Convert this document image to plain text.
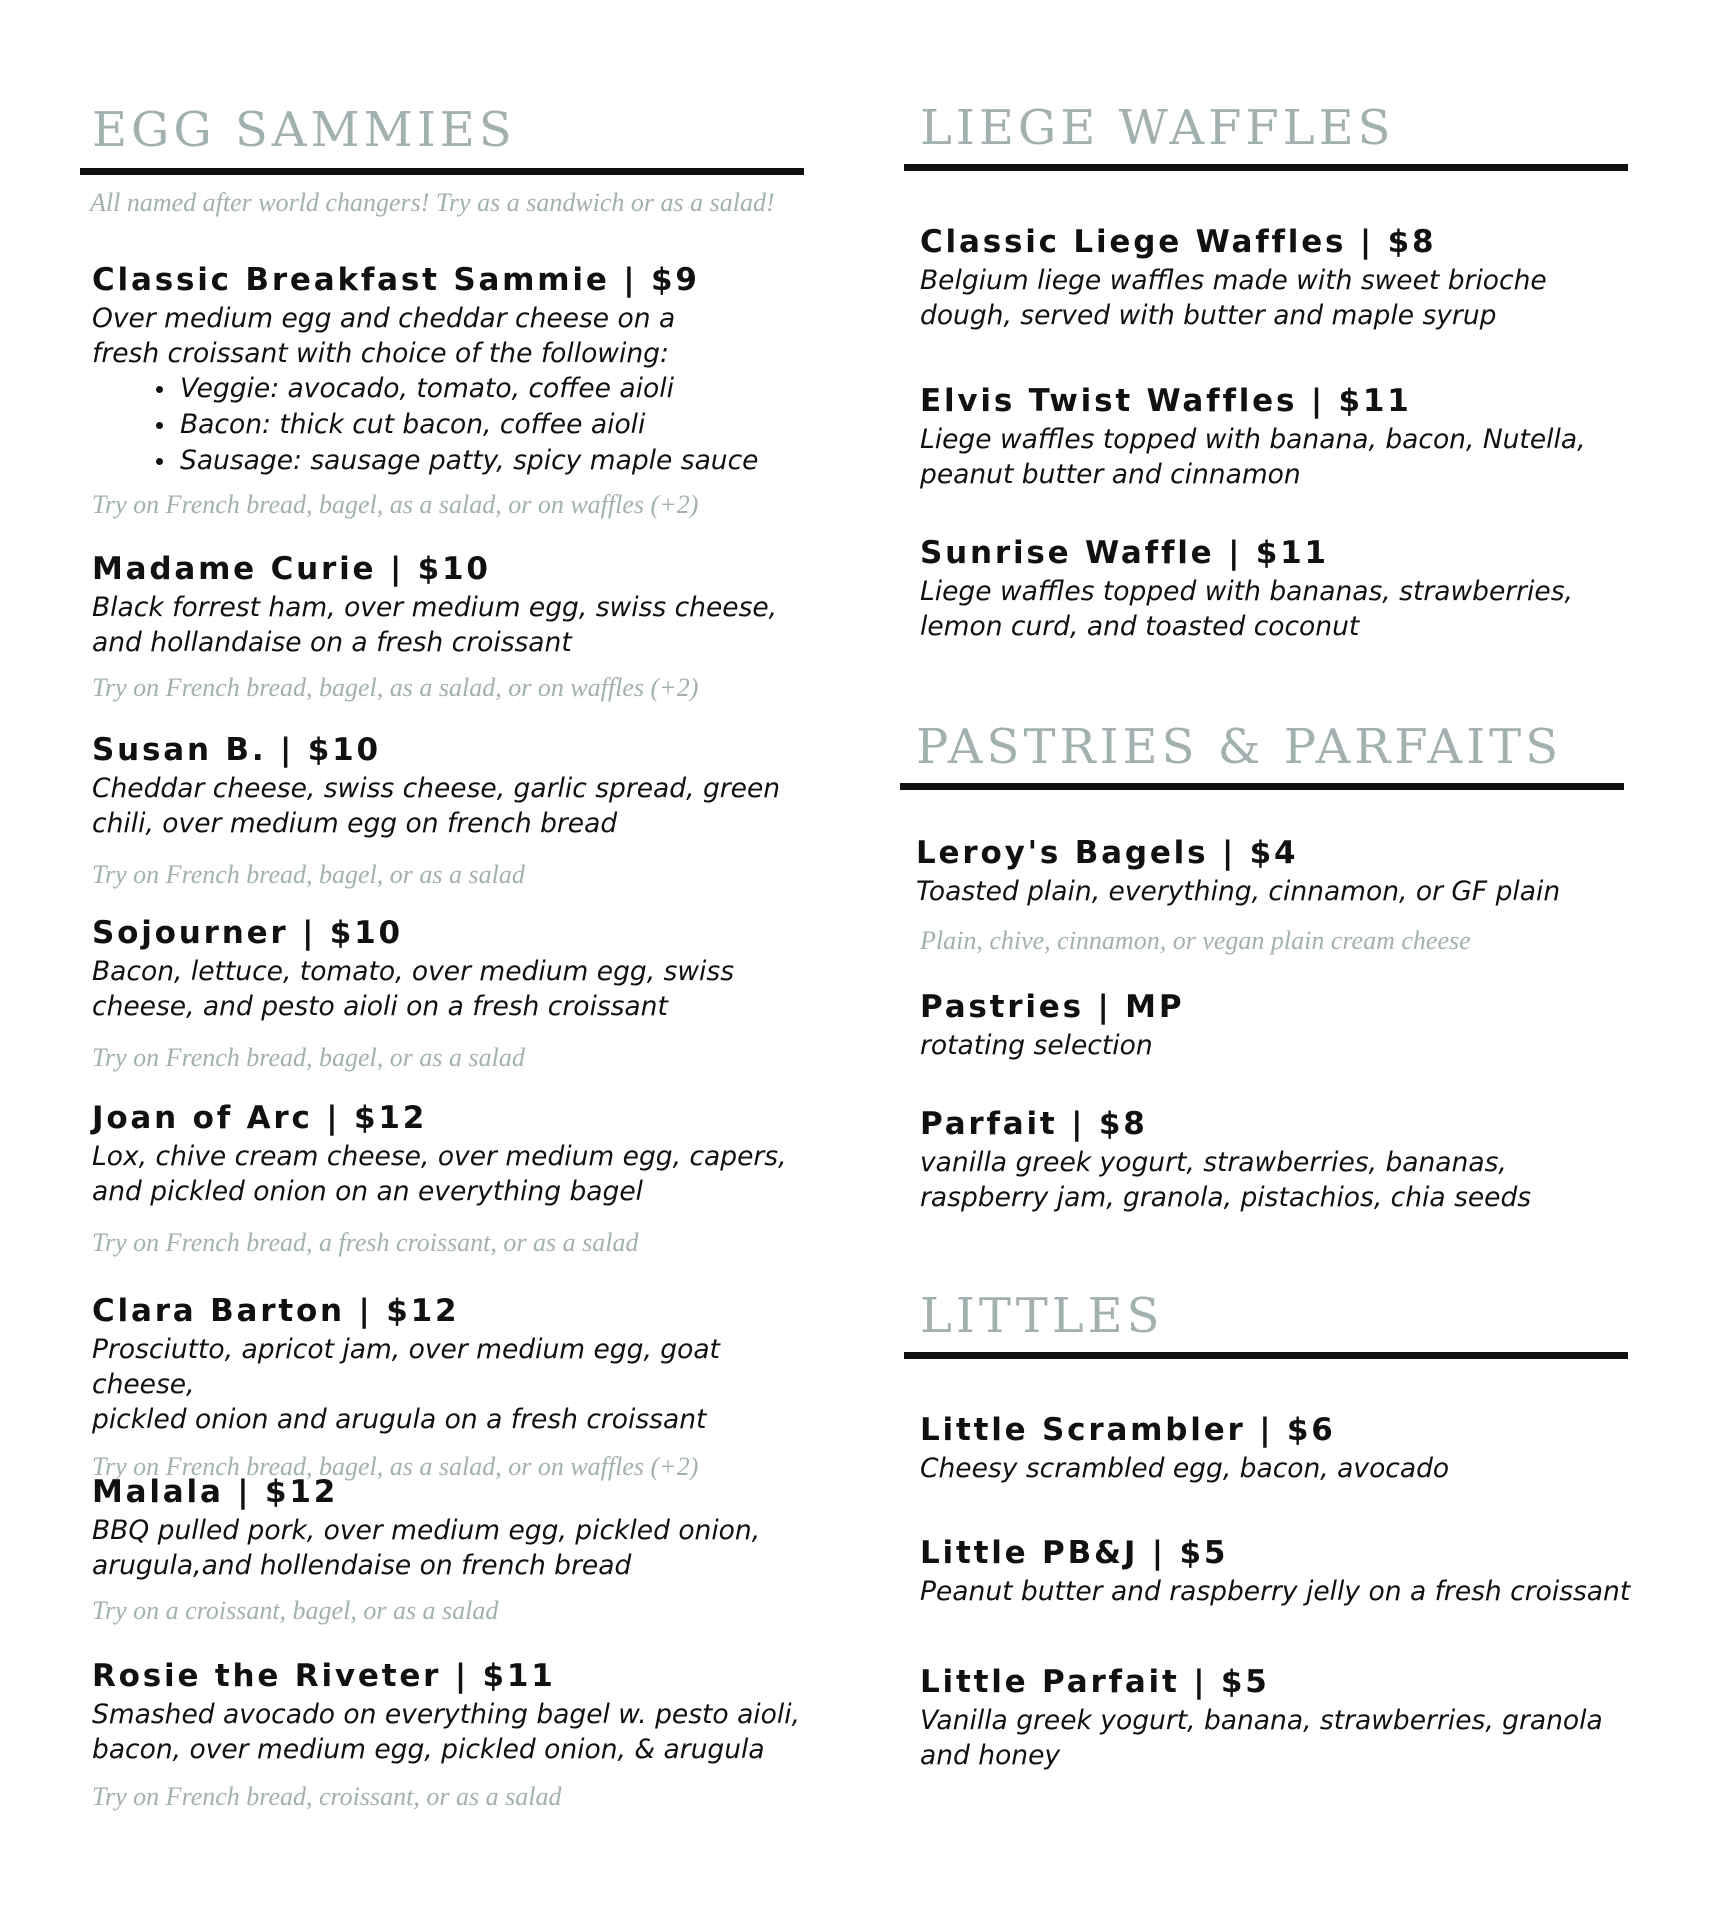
EGG SAMMIES

All named after world changers! Try as a sandwich or as a salad!

Classic Breakfast Sammie | $9

Over medium egg and cheddar cheese on a
fresh croissant with choice of the following:

Veggie: avocado, tomato, coffee aioli
Bacon: thick cut bacon, coffee aioli
Sausage: sausage patty, spicy maple sauce

Try on French bread, bagel, as a salad, or on waffles (+2)

Madame Curie | $10

Black forrest ham, over medium egg, swiss cheese,
and hollandaise on a fresh croissant

Try on French bread, bagel, as a salad, or on waffles (+2)

Susan B. | $10

Cheddar cheese, swiss cheese, garlic spread, green
chili, over medium egg on french bread

Try on French bread, bagel, or as a salad

Sojourner | $10

Bacon, lettuce, tomato, over medium egg, swiss
cheese, and pesto aioli on a fresh croissant

Try on French bread, bagel, or as a salad

Joan of Arc | $12

Lox, chive cream cheese, over medium egg, capers,
and pickled onion on an everything bagel

Try on French bread, a fresh croissant, or as a salad

Clara Barton | $12

Prosciutto, apricot jam, over medium egg, goat cheese,
pickled onion and arugula on a fresh croissant

Try on French bread, bagel, as a salad, or on waffles (+2)

Malala | $12

BBQ pulled pork, over medium egg, pickled onion,
arugula,and hollendaise on french bread

Try on a croissant, bagel, or as a salad

Rosie the Riveter | $11

Smashed avocado on everything bagel w. pesto aioli,
bacon, over medium egg, pickled onion, & arugula

Try on French bread, croissant, or as a salad

LIEGE WAFFLES

Classic Liege Waffles | $8

Belgium liege waffles made with sweet brioche
dough, served with butter and maple syrup

Elvis Twist Waffles | $11

Liege waffles topped with banana, bacon, Nutella,
peanut butter and cinnamon

Sunrise Waffle | $11

Liege waffles topped with bananas, strawberries,
lemon curd, and toasted coconut

PASTRIES & PARFAITS

Leroy's Bagels | $4

Toasted plain, everything, cinnamon, or GF plain

Plain, chive, cinnamon, or vegan plain cream cheese

Pastries | MP

rotating selection

Parfait | $8

vanilla greek yogurt, strawberries, bananas,
raspberry jam, granola, pistachios, chia seeds

LITTLES

Little Scrambler | $6

Cheesy scrambled egg, bacon, avocado

Little PB&J | $5

Peanut butter and raspberry jelly on a fresh croissant

Little Parfait | $5

Vanilla greek yogurt, banana, strawberries, granola
and honey
